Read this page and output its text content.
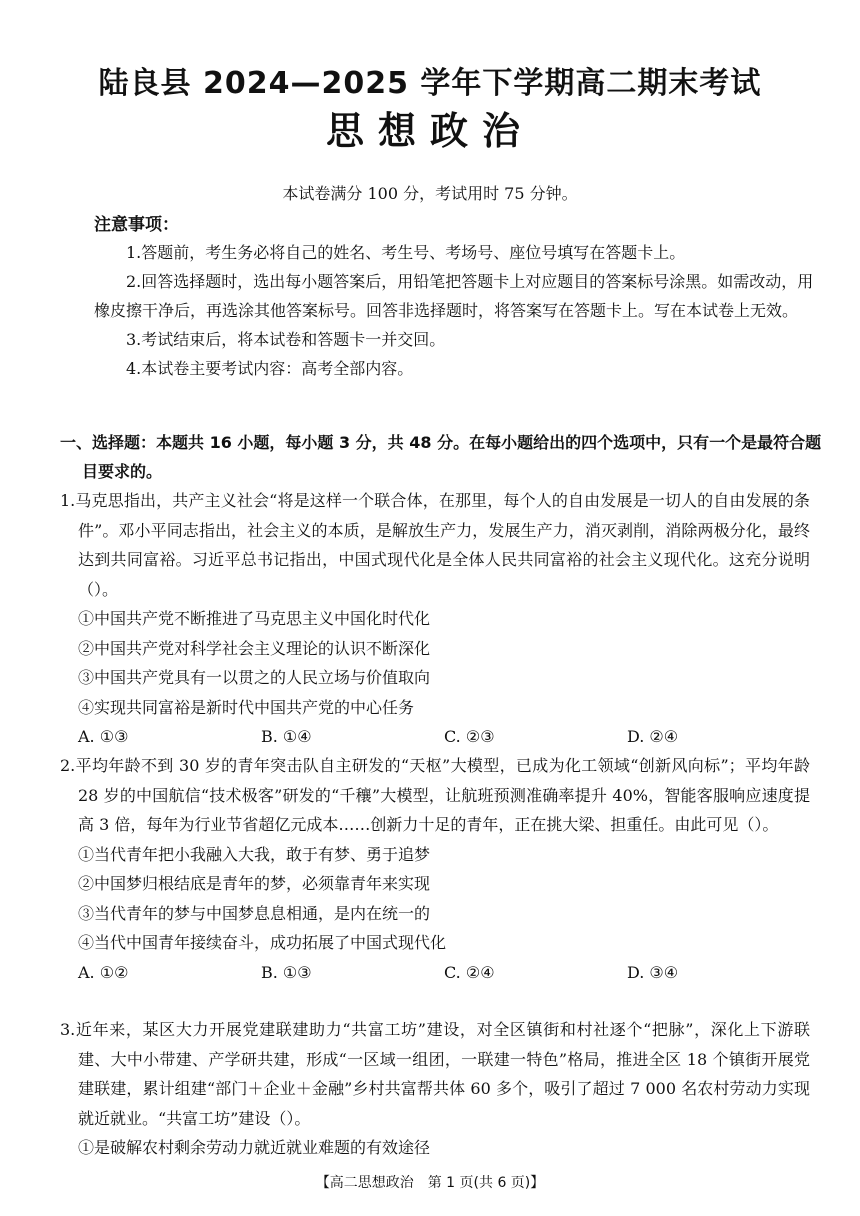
陆良县 2024—2025 学年下学期高二期末考试
思想政治
本试卷满分 100 分，考试用时 75 分钟。
注意事项：

1.答题前，考生务必将自己的姓名、考生号、考场号、座位号填写在答题卡上。

2.回答选择题时，选出每小题答案后，用铅笔把答题卡上对应题目的答案标号涂黑。如需改动，用橡皮擦干净后，再选涂其他答案标号。回答非选择题时，将答案写在答题卡上。写在本试卷上无效。

3.考试结束后，将本试卷和答题卡一并交回。

4.本试卷主要考试内容：高考全部内容。

一、选择题：本题共 16 小题，每小题 3 分，共 48 分。在每小题给出的四个选项中，只有一个是最符合题目要求的。

1.马克思指出，共产主义社会“将是这样一个联合体，在那里，每个人的自由发展是一切人的自由发展的条件”。邓小平同志指出，社会主义的本质，是解放生产力，发展生产力，消灭剥削，消除两极分化，最终达到共同富裕。习近平总书记指出，中国式现代化是全体人民共同富裕的社会主义现代化。这充分说明（）。

①中国共产党不断推进了马克思主义中国化时代化

②中国共产党对科学社会主义理论的认识不断深化

③中国共产党具有一以贯之的人民立场与价值取向

④实现共同富裕是新时代中国共产党的中心任务

A. ①③	B. ①④	C. ②③	D. ②④

2.平均年龄不到 30 岁的青年突击队自主研发的“天枢”大模型，已成为化工领域“创新风向标”；平均年龄 28 岁的中国航信“技术极客”研发的“千穰”大模型，让航班预测准确率提升 40%，智能客服响应速度提高 3 倍，每年为行业节省超亿元成本……创新力十足的青年，正在挑大梁、担重任。由此可见（）。

①当代青年把小我融入大我，敢于有梦、勇于追梦

②中国梦归根结底是青年的梦，必须靠青年来实现

③当代青年的梦与中国梦息息相通，是内在统一的

④当代中国青年接续奋斗，成功拓展了中国式现代化

A. ①②	B. ①③	C. ②④	D. ③④

3.近年来，某区大力开展党建联建助力“共富工坊”建设，对全区镇街和村社逐个“把脉”，深化上下游联建、大中小带建、产学研共建，形成“一区域一组团，一联建一特色”格局，推进全区 18 个镇街开展党建联建，累计组建“部门＋企业＋金融”乡村共富帮共体 60 多个，吸引了超过 7 000 名农村劳动力实现就近就业。“共富工坊”建设（）。

①是破解农村剩余劳动力就近就业难题的有效途径

【高二思想政治　第 1 页(共 6 页)】
